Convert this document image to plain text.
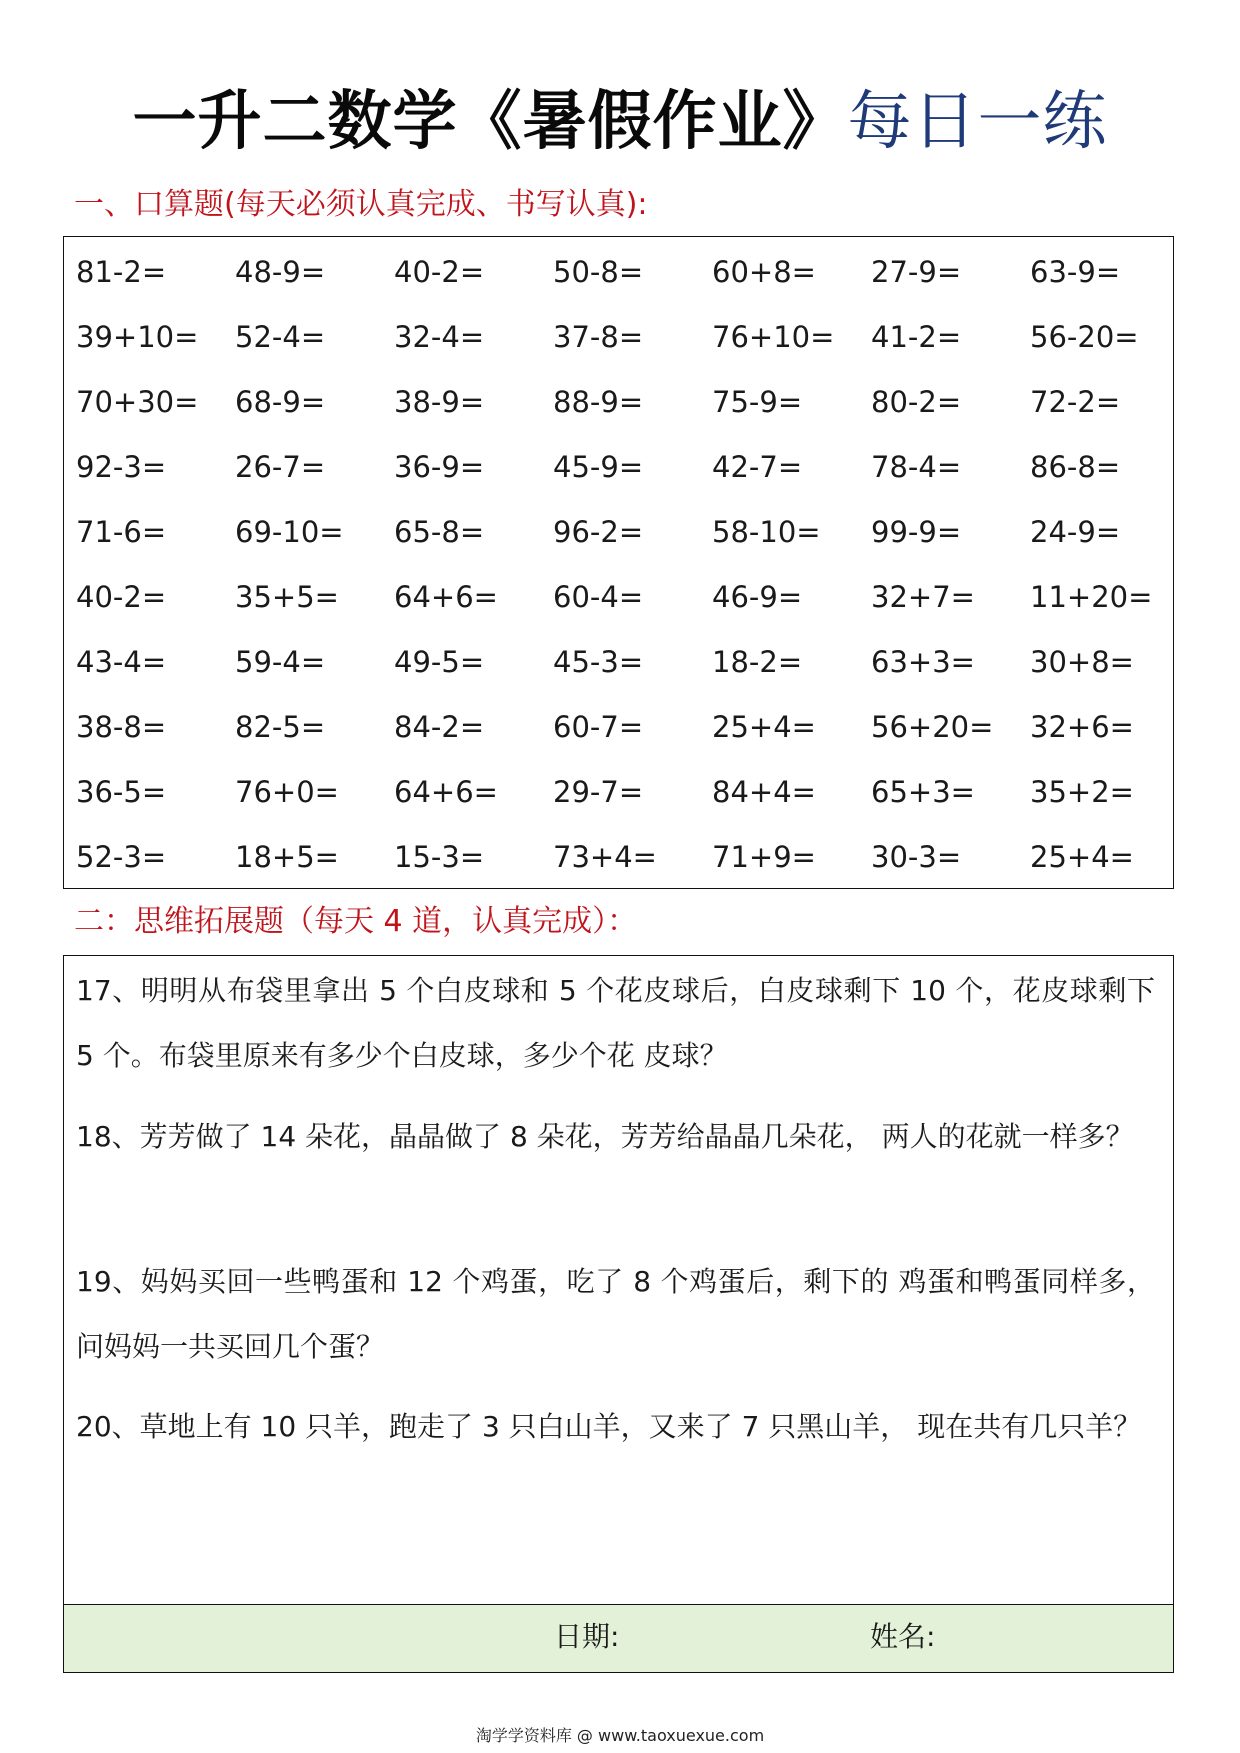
一升二数学《暑假作业》每日一练
一、口算题(每天必须认真完成、书写认真):
81-2=	48-9=	40-2=	50-8=	60+8=	27-9=	63-9=
39+10=	52-4=	32-4=	37-8=	76+10=	41-2=	56-20=
70+30=	68-9=	38-9=	88-9=	75-9=	80-2=	72-2=
92-3=	26-7=	36-9=	45-9=	42-7=	78-4=	86-8=
71-6=	69-10=	65-8=	96-2=	58-10=	99-9=	24-9=
40-2=	35+5=	64+6=	60-4=	46-9=	32+7=	11+20=
43-4=	59-4=	49-5=	45-3=	18-2=	63+3=	30+8=
38-8=	82-5=	84-2=	60-7=	25+4=	56+20=	32+6=
36-5=	76+0=	64+6=	29-7=	84+4=	65+3=	35+2=
52-3=	18+5=	15-3=	73+4=	71+9=	30-3=	25+4=
二：思维拓展题（每天 4 道，认真完成）：
17、明明从布袋里拿出 5 个白皮球和 5 个花皮球后，白皮球剩下 10 个，花皮球剩下 5 个。布袋里原来有多少个白皮球，多少个花 皮球？
18、芳芳做了 14 朵花，晶晶做了 8 朵花，芳芳给晶晶几朵花， 两人的花就一样多？
19、妈妈买回一些鸭蛋和 12 个鸡蛋，吃了 8 个鸡蛋后，剩下的 鸡蛋和鸭蛋同样多，问妈妈一共买回几个蛋？
20、草地上有 10 只羊，跑走了 3 只白山羊，又来了 7 只黑山羊， 现在共有几只羊？
日期:	姓名:
淘学学资料库 @ www.taoxuexue.com
